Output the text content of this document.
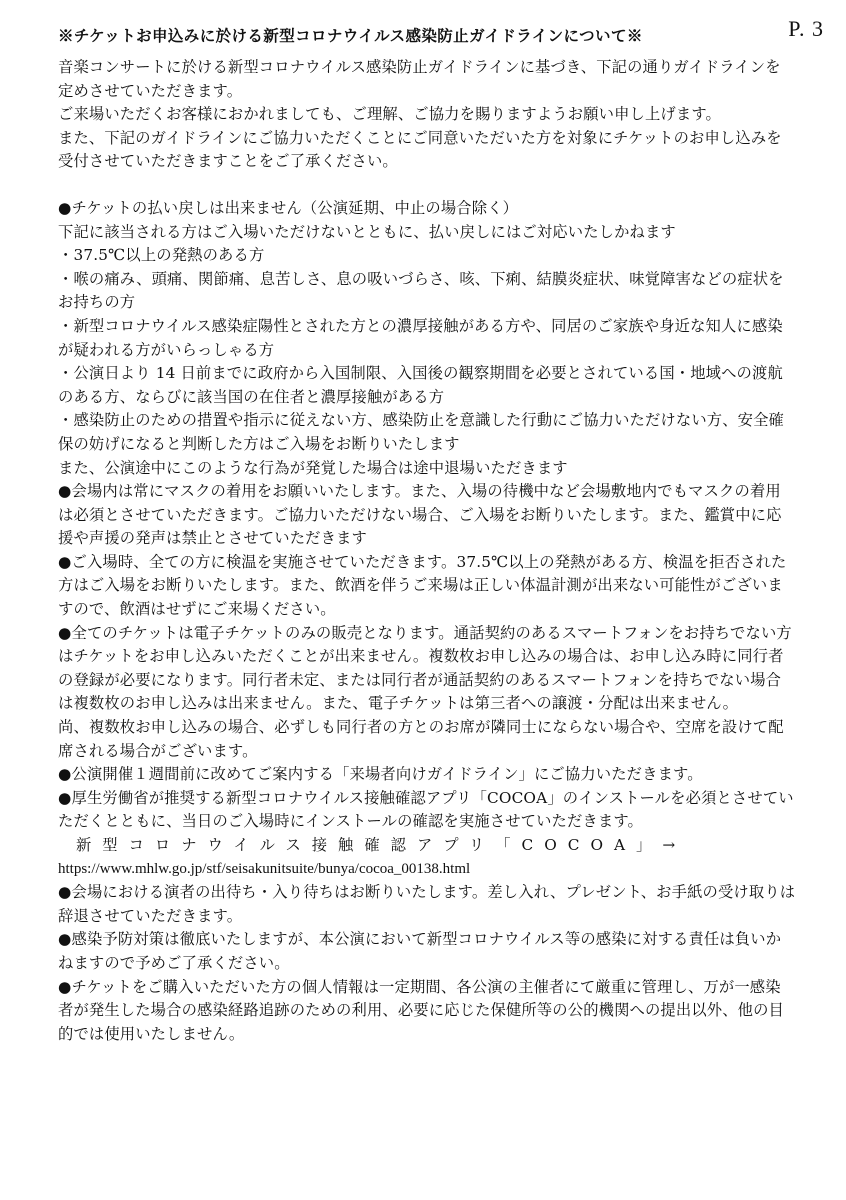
P. 3
※チケットお申込みに於ける新型コロナウイルス感染防止ガイドラインについて※

音楽コンサートに於ける新型コロナウイルス感染防止ガイドラインに基づき、下記の通りガイドラインを定めさせていただきます。

ご来場いただくお客様におかれましても、ご理解、ご協力を賜りますようお願い申し上げます。

また、下記のガイドラインにご協力いただくことにご同意いただいた方を対象にチケットのお申し込みを受付させていただきますことをご了承ください。

●チケットの払い戻しは出来ません（公演延期、中止の場合除く）

下記に該当される方はご入場いただけないとともに、払い戻しにはご対応いたしかねます

・37.5℃以上の発熱のある方

・喉の痛み、頭痛、関節痛、息苦しさ、息の吸いづらさ、咳、下痢、結膜炎症状、味覚障害などの症状をお持ちの方

・新型コロナウイルス感染症陽性とされた方との濃厚接触がある方や、同居のご家族や身近な知人に感染が疑われる方がいらっしゃる方

・公演日より 14 日前までに政府から入国制限、入国後の観察期間を必要とされている国・地域への渡航のある方、ならびに該当国の在住者と濃厚接触がある方

・感染防止のための措置や指示に従えない方、感染防止を意識した行動にご協力いただけない方、安全確保の妨げになると判断した方はご入場をお断りいたします

また、公演途中にこのような行為が発覚した場合は途中退場いただきます

●会場内は常にマスクの着用をお願いいたします。また、入場の待機中など会場敷地内でもマスクの着用は必須とさせていただきます。ご協力いただけない場合、ご入場をお断りいたします。また、鑑賞中に応援や声援の発声は禁止とさせていただきます

●ご入場時、全ての方に検温を実施させていただきます。37.5℃以上の発熱がある方、検温を拒否された方はご入場をお断りいたします。また、飲酒を伴うご来場は正しい体温計測が出来ない可能性がございますので、飲酒はせずにご来場ください。

●全てのチケットは電子チケットのみの販売となります。通話契約のあるスマートフォンをお持ちでない方はチケットをお申し込みいただくことが出来ません。複数枚お申し込みの場合は、お申し込み時に同行者の登録が必要になります。同行者未定、または同行者が通話契約のあるスマートフォンを持ちでない場合は複数枚のお申し込みは出来ません。また、電子チケットは第三者への譲渡・分配は出来ません。

尚、複数枚お申し込みの場合、必ずしも同行者の方とのお席が隣同士にならない場合や、空席を設けて配席される場合がございます。

●公演開催１週間前に改めてご案内する「来場者向けガイドライン」にご協力いただきます。

●厚生労働省が推奨する新型コロナウイルス接触確認アプリ「COCOA」のインストールを必須とさせていただくとともに、当日のご入場時にインストールの確認を実施させていただきます。

新型コロナウイルス接触確認アプリ「COCOA」→

https://www.mhlw.go.jp/stf/seisakunitsuite/bunya/cocoa_00138.html

●会場における演者の出待ち・入り待ちはお断りいたします。差し入れ、プレゼント、お手紙の受け取りは辞退させていただきます。

●感染予防対策は徹底いたしますが、本公演において新型コロナウイルス等の感染に対する責任は負いかねますので予めご了承ください。

●チケットをご購入いただいた方の個人情報は一定期間、各公演の主催者にて厳重に管理し、万が一感染者が発生した場合の感染経路追跡のための利用、必要に応じた保健所等の公的機関への提出以外、他の目的では使用いたしません。
